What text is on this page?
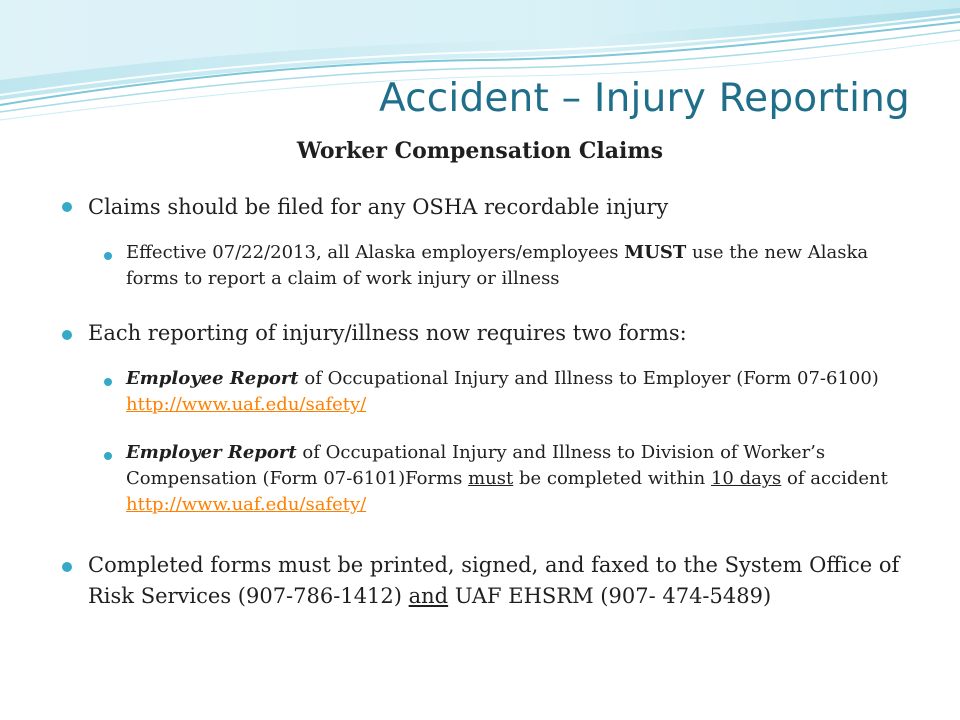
Accident – Injury Reporting
Worker Compensation Claims
Claims should be filed for any OSHA recordable injury
Effective 07/22/2013, all Alaska employers/employees MUST use the new Alaska forms to report a claim of work injury or illness
Each reporting of injury/illness now requires two forms:
Employee Report of Occupational Injury and Illness to Employer (Form 07-6100) http://www.uaf.edu/safety/
Employer Report of Occupational Injury and Illness to Division of Worker’s Compensation (Form 07-6101)Forms must be completed within 10 days of accident http://www.uaf.edu/safety/
Completed forms must be printed, signed, and faxed to the System Office of Risk Services (907-786-1412) and UAF EHSRM (907- 474-5489)
